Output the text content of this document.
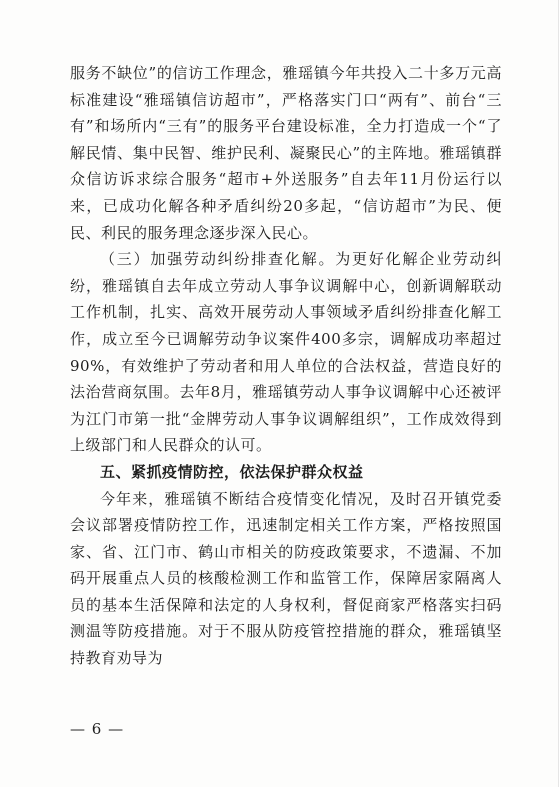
服务不缺位”的信访工作理念，雅瑶镇今年共投入二十多万元高标准建设“雅瑶镇信访超市”，严格落实门口“两有”、前台“三有”和场所内“三有”的服务平台建设标准，全力打造成一个“了解民情、集中民智、维护民利、凝聚民心”的主阵地。雅瑶镇群众信访诉求综合服务“超市+外送服务”自去年11月份运行以来，已成功化解各种矛盾纠纷20多起，“信访超市”为民、便民、利民的服务理念逐步深入民心。

（三）加强劳动纠纷排查化解。为更好化解企业劳动纠纷，雅瑶镇自去年成立劳动人事争议调解中心，创新调解联动工作机制，扎实、高效开展劳动人事领域矛盾纠纷排查化解工作，成立至今已调解劳动争议案件400多宗，调解成功率超过90%，有效维护了劳动者和用人单位的合法权益，营造良好的法治营商氛围。去年8月，雅瑶镇劳动人事争议调解中心还被评为江门市第一批“金牌劳动人事争议调解组织”，工作成效得到上级部门和人民群众的认可。

五、紧抓疫情防控，依法保护群众权益

今年来，雅瑶镇不断结合疫情变化情况，及时召开镇党委会议部署疫情防控工作，迅速制定相关工作方案，严格按照国家、省、江门市、鹤山市相关的防疫政策要求，不遗漏、不加码开展重点人员的核酸检测工作和监管工作，保障居家隔离人员的基本生活保障和法定的人身权利，督促商家严格落实扫码测温等防疫措施。对于不服从防疫管控措施的群众，雅瑶镇坚持教育劝导为

— 6 —
